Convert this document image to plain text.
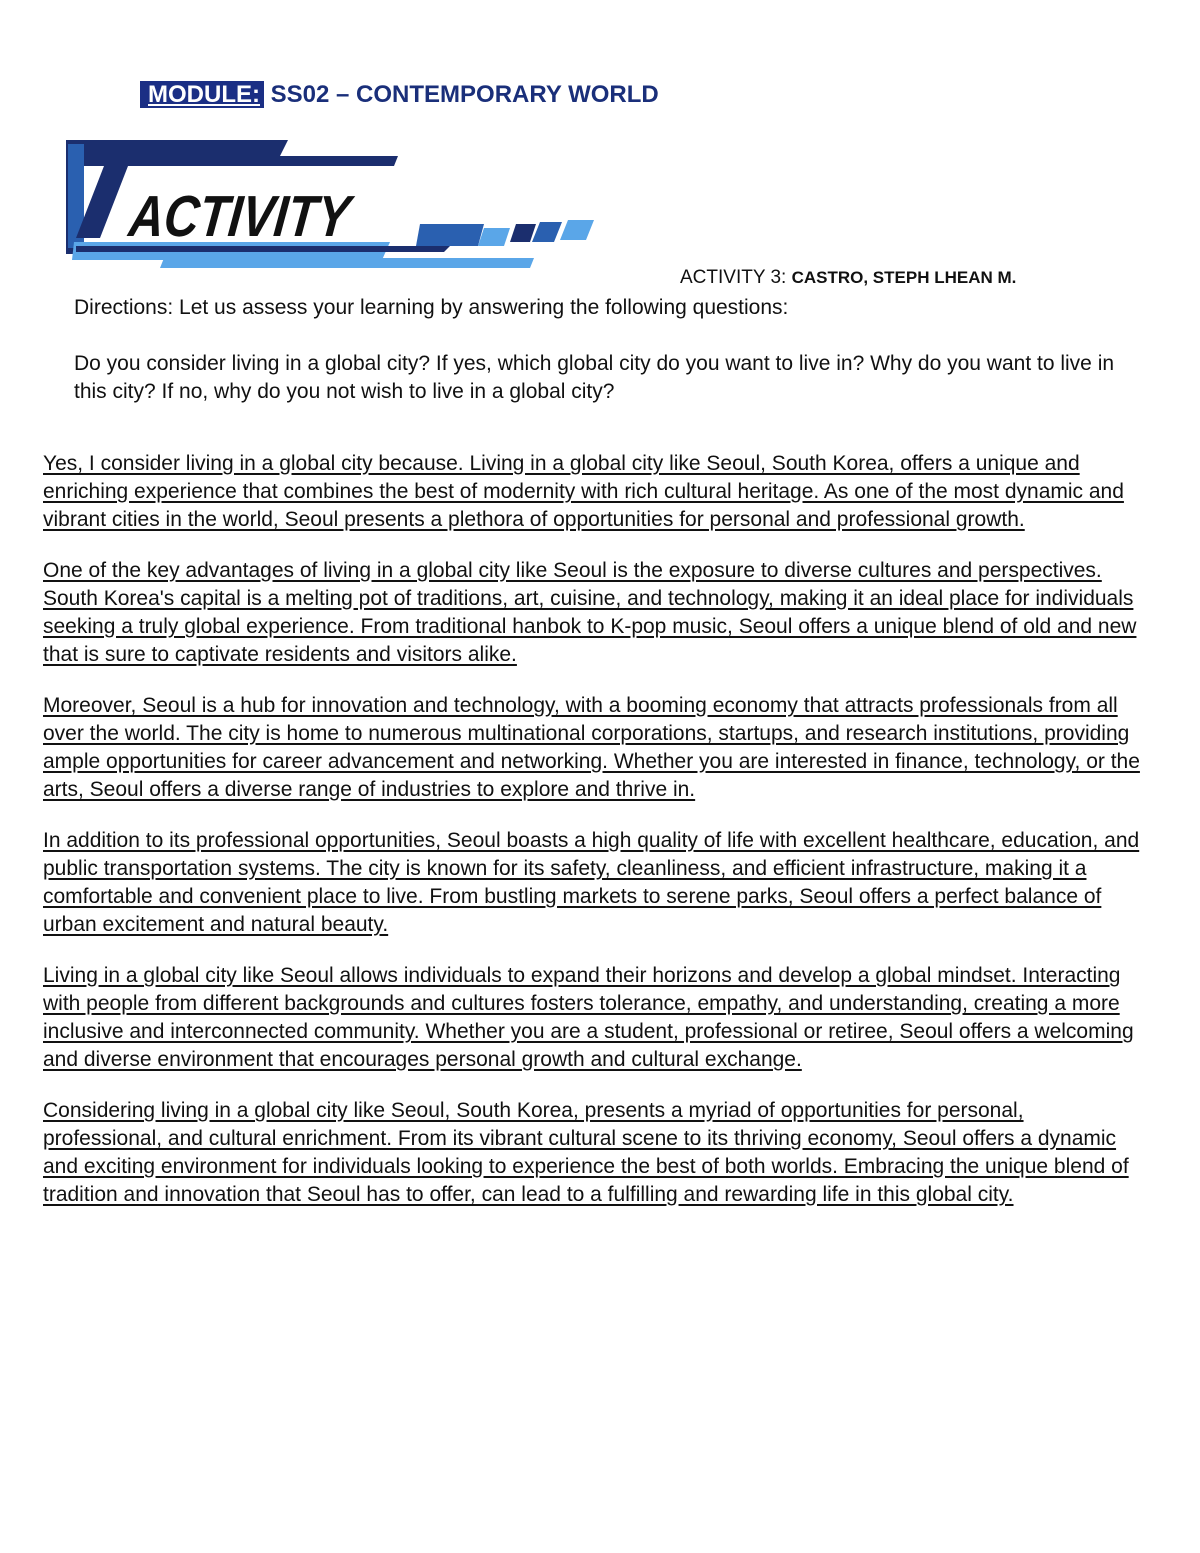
MODULE: SS02 – CONTEMPORARY WORLD
ACTIVITY
ACTIVITY 3: CASTRO, STEPH LHEAN M.
Directions: Let us assess your learning by answering the following questions:
Do you consider living in a global city? If yes, which global city do you want to live in? Why do you want to live in this city? If no, why do you not wish to live in a global city?

Yes, I consider living in a global city because. Living in a global city like Seoul, South Korea, offers a unique and enriching experience that combines the best of modernity with rich cultural heritage. As one of the most dynamic and vibrant cities in the world, Seoul presents a plethora of opportunities for personal and professional growth.

One of the key advantages of living in a global city like Seoul is the exposure to diverse cultures and perspectives. South Korea's capital is a melting pot of traditions, art, cuisine, and technology, making it an ideal place for individuals seeking a truly global experience. From traditional hanbok to K-pop music, Seoul offers a unique blend of old and new that is sure to captivate residents and visitors alike.

Moreover, Seoul is a hub for innovation and technology, with a booming economy that attracts professionals from all over the world. The city is home to numerous multinational corporations, startups, and research institutions, providing ample opportunities for career advancement and networking. Whether you are interested in finance, technology, or the arts, Seoul offers a diverse range of industries to explore and thrive in.

In addition to its professional opportunities, Seoul boasts a high quality of life with excellent healthcare, education, and public transportation systems. The city is known for its safety, cleanliness, and efficient infrastructure, making it a comfortable and convenient place to live. From bustling markets to serene parks, Seoul offers a perfect balance of urban excitement and natural beauty.

Living in a global city like Seoul allows individuals to expand their horizons and develop a global mindset. Interacting with people from different backgrounds and cultures fosters tolerance, empathy, and understanding, creating a more inclusive and interconnected community. Whether you are a student, professional or retiree, Seoul offers a welcoming and diverse environment that encourages personal growth and cultural exchange.

Considering living in a global city like Seoul, South Korea, presents a myriad of opportunities for personal, professional, and cultural enrichment. From its vibrant cultural scene to its thriving economy, Seoul offers a dynamic and exciting environment for individuals looking to experience the best of both worlds. Embracing the unique blend of tradition and innovation that Seoul has to offer, can lead to a fulfilling and rewarding life in this global city.
